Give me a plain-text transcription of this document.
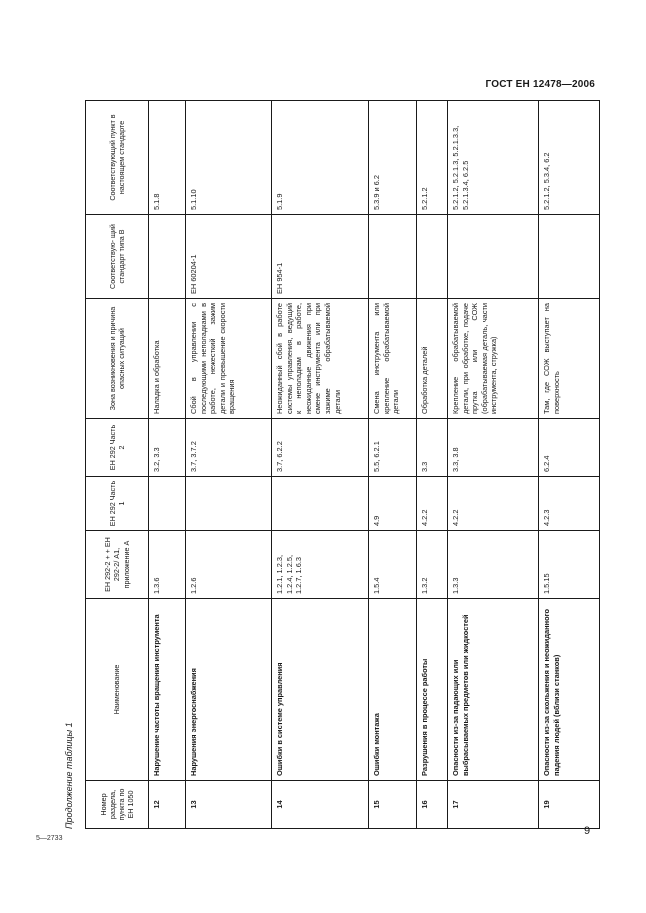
ГОСТ ЕН 12478—2006
Продолжение таблицы 1	Номер раздела, пункта по ЕН 1050	Наименование	ЕН 292-2 + + ЕН 292-2/ A1, приложение А	ЕН 292 Часть 1	ЕН 292 Часть 2	Зона возникновения и причина опасных ситуаций	Соответствую- щий стандарт типа В	Соответствующий пункт в настоящем стандарте
12	Нарушение частоты вращения инструмента	1.3.6		3.2, 3.3	Наладка и обработка		5.1.8
13	Нарушения энергоснабжения	1.2.6		3.7, 3.7.2	Сбой в управлении с последующими неполадками в работе, нежесткий зажим детали и превышение скорости вращения	ЕН 60204-1	5.1.10
14	Ошибки в системе управления	1.2.1, 1.2.3, 1.2.4, 1.2.5, 1.2.7, 1.6.3		3.7, 6.2.2	Неожиданный сбой в работе системы управления, ведущий к неполадкам в работе, неожиданные движения при смене инструмента или при зажиме обрабатываемой детали	ЕН 954-1	5.1.9
15	Ошибки монтажа	1.5.4	4.9	5.5, 6.2.1	Смена инструмента или крепление обрабатываемой детали		5.3.9 и 6.2
16	Разрушения в процессе работы	1.3.2	4.2.2	3.3	Обработка деталей		5.2.1.2
17	Опасности из-за падающих или выбрасываемых предметов или жидкостей	1.3.3	4.2.2	3.3, 3.8	Крепление обрабатываемой детали, при обработке, подаче прутка или СОЖ (обрабатываемая деталь, части инструмента, стружка)		5.2.1.2, 5.2.1.3, 5.2.1.3.3, 5.2.1.3.4, 6.2.5
19	Опасности из-за скольжения и неожиданного падения людей (вблизи станков)	1.5.15	4.2.3	6.2.4	Там, где СОЖ выступает на поверхность		5.2.1.2, 5.3.4, 6.2
5—2733
9
